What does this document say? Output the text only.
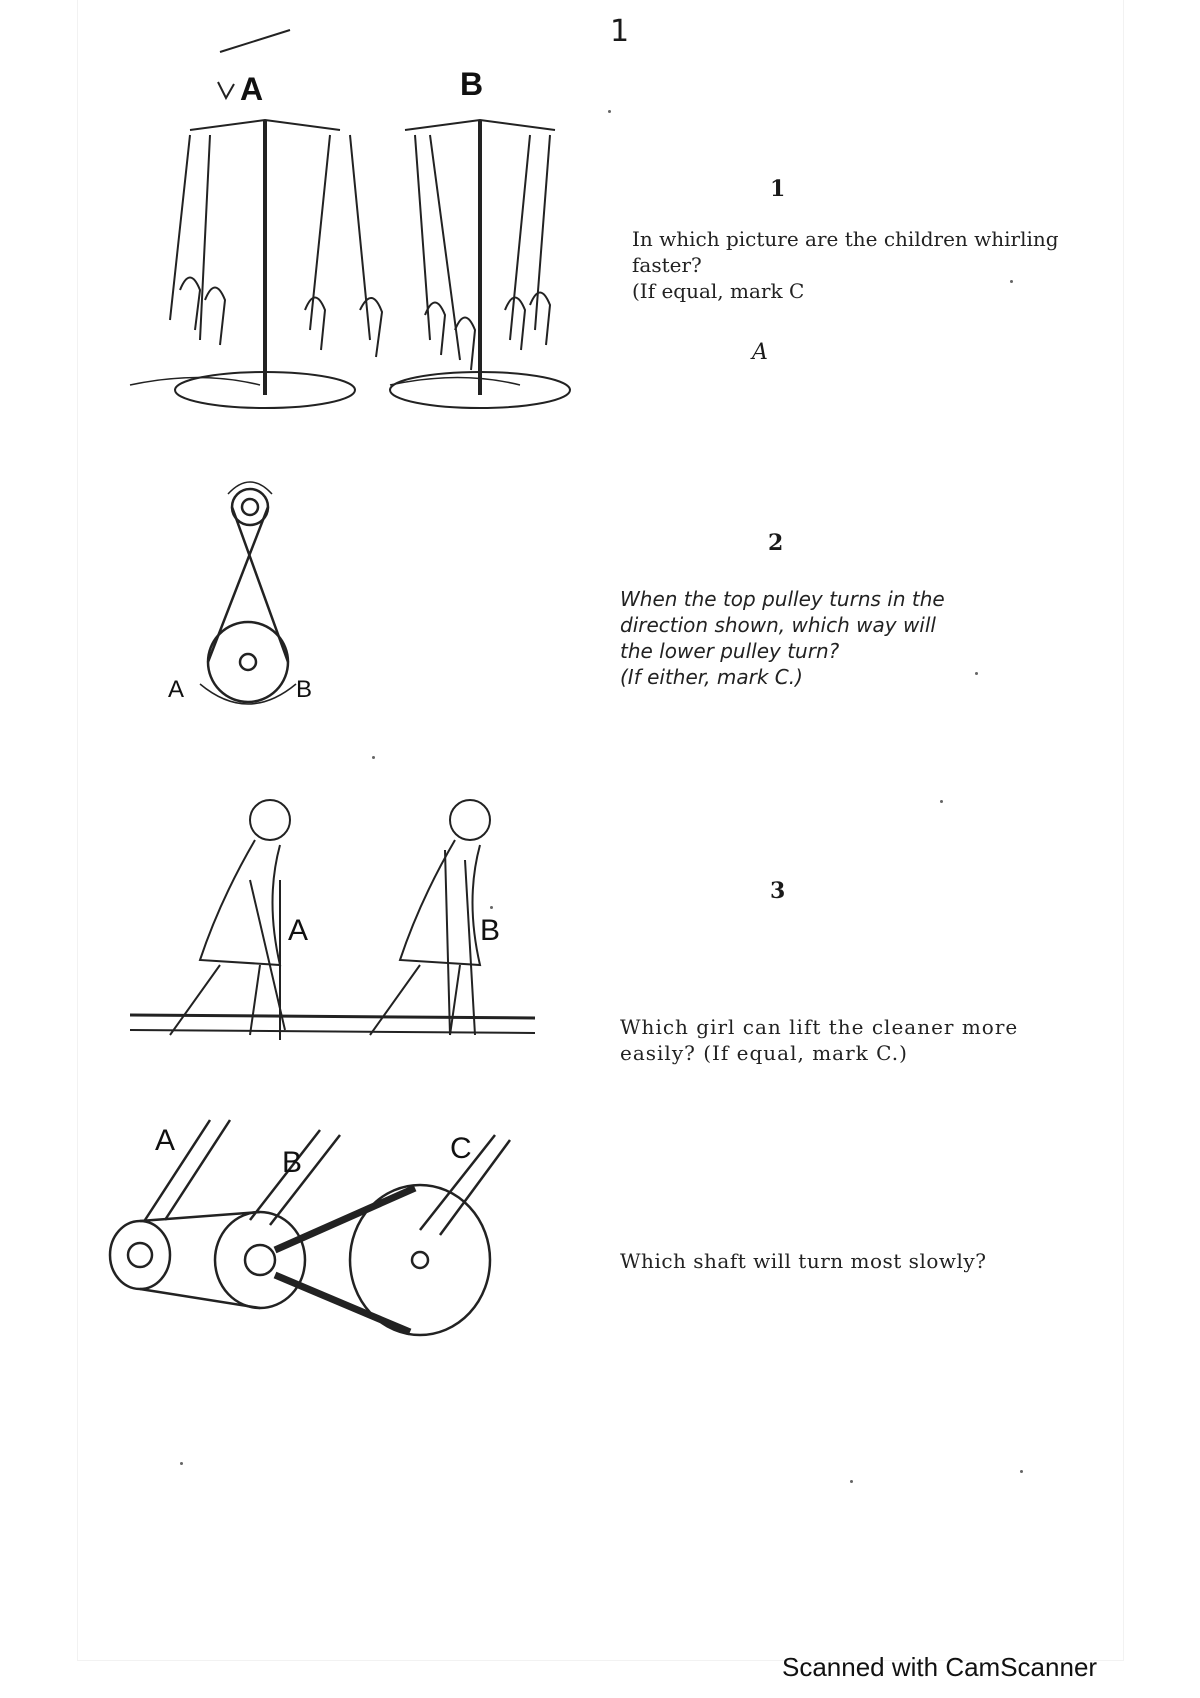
1
A	B
1
In which picture are the children whirling
faster?
(If equal, mark C
A
A	B
2
When the top pulley turns in the
direction shown, which way will
the lower pulley turn?
(If either, mark C.)
A	B
3
Which girl can lift the cleaner more
easily? (If equal, mark C.)
A
B	C
Which shaft will turn most slowly?
Scanned with CamScanner
